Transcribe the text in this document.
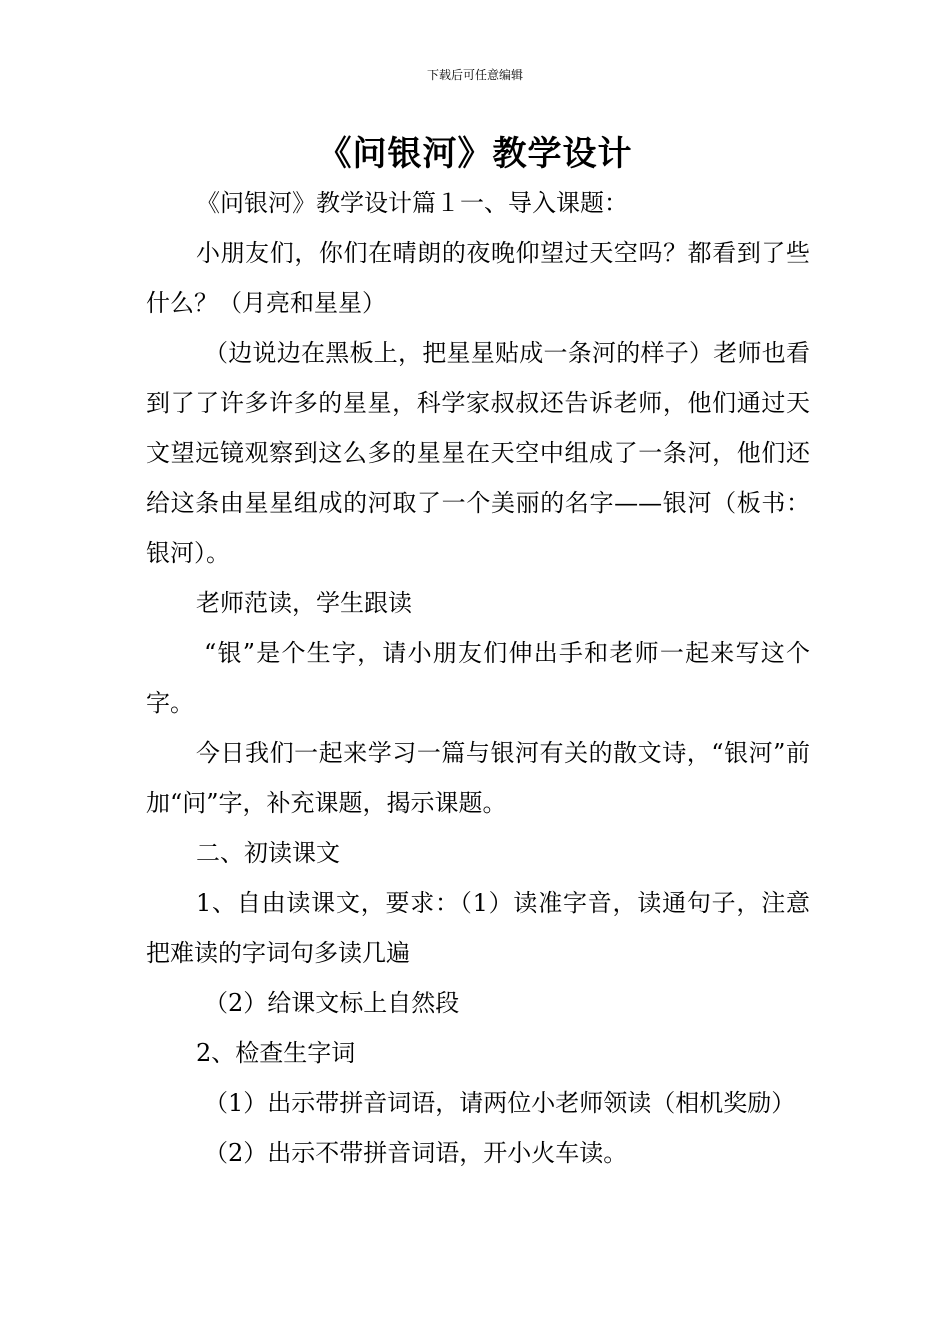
下载后可任意编辑
《问银河》教学设计

《问银河》教学设计篇１一、导入课题：

小朋友们，你们在晴朗的夜晚仰望过天空吗？都看到了些什么？（月亮和星星）

（边说边在黑板上，把星星贴成一条河的样子）老师也看到了了许多许多的星星，科学家叔叔还告诉老师，他们通过天文望远镜观察到这么多的星星在天空中组成了一条河，他们还给这条由星星组成的河取了一个美丽的名字——银河（板书：银河）。

老师范读，学生跟读

“银”是个生字，请小朋友们伸出手和老师一起来写这个字。

今日我们一起来学习一篇与银河有关的散文诗，“银河”前加“问”字，补充课题，揭示课题。

二、初读课文

1、自由读课文，要求：（1）读准字音，读通句子，注意把难读的字词句多读几遍

（2）给课文标上自然段

2、检查生字词

（1）出示带拼音词语，请两位小老师领读（相机奖励）

（2）出示不带拼音词语，开小火车读。
